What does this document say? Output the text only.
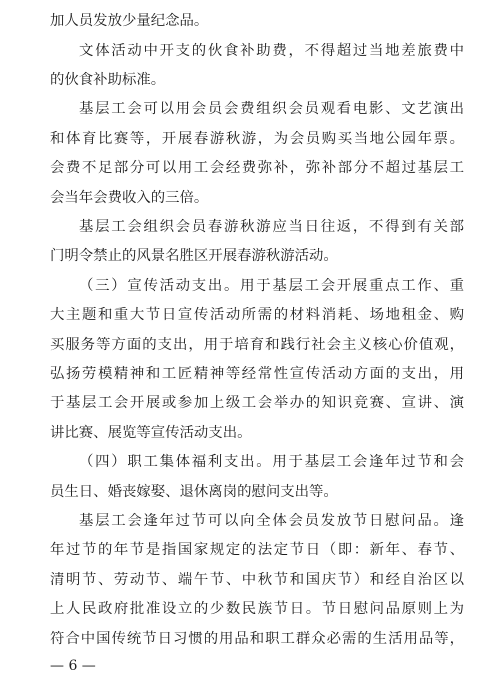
加人员发放少量纪念品。
文体活动中开支的伙食补助费，不得超过当地差旅费中
的伙食补助标准。
基层工会可以用会员会费组织会员观看电影、文艺演出
和体育比赛等，开展春游秋游，为会员购买当地公园年票。
会费不足部分可以用工会经费弥补，弥补部分不超过基层工
会当年会费收入的三倍。
基层工会组织会员春游秋游应当日往返，不得到有关部
门明令禁止的风景名胜区开展春游秋游活动。
（三）宣传活动支出。用于基层工会开展重点工作、重
大主题和重大节日宣传活动所需的材料消耗、场地租金、购
买服务等方面的支出，用于培育和践行社会主义核心价值观，
弘扬劳模精神和工匠精神等经常性宣传活动方面的支出，用
于基层工会开展或参加上级工会举办的知识竞赛、宣讲、演
讲比赛、展览等宣传活动支出。
（四）职工集体福利支出。用于基层工会逢年过节和会
员生日、婚丧嫁娶、退休离岗的慰问支出等。
基层工会逢年过节可以向全体会员发放节日慰问品。逢
年过节的年节是指国家规定的法定节日（即：新年、春节、
清明节、劳动节、端午节、中秋节和国庆节）和经自治区以
上人民政府批准设立的少数民族节日。节日慰问品原则上为
符合中国传统节日习惯的用品和职工群众必需的生活用品等，
— 6 —
